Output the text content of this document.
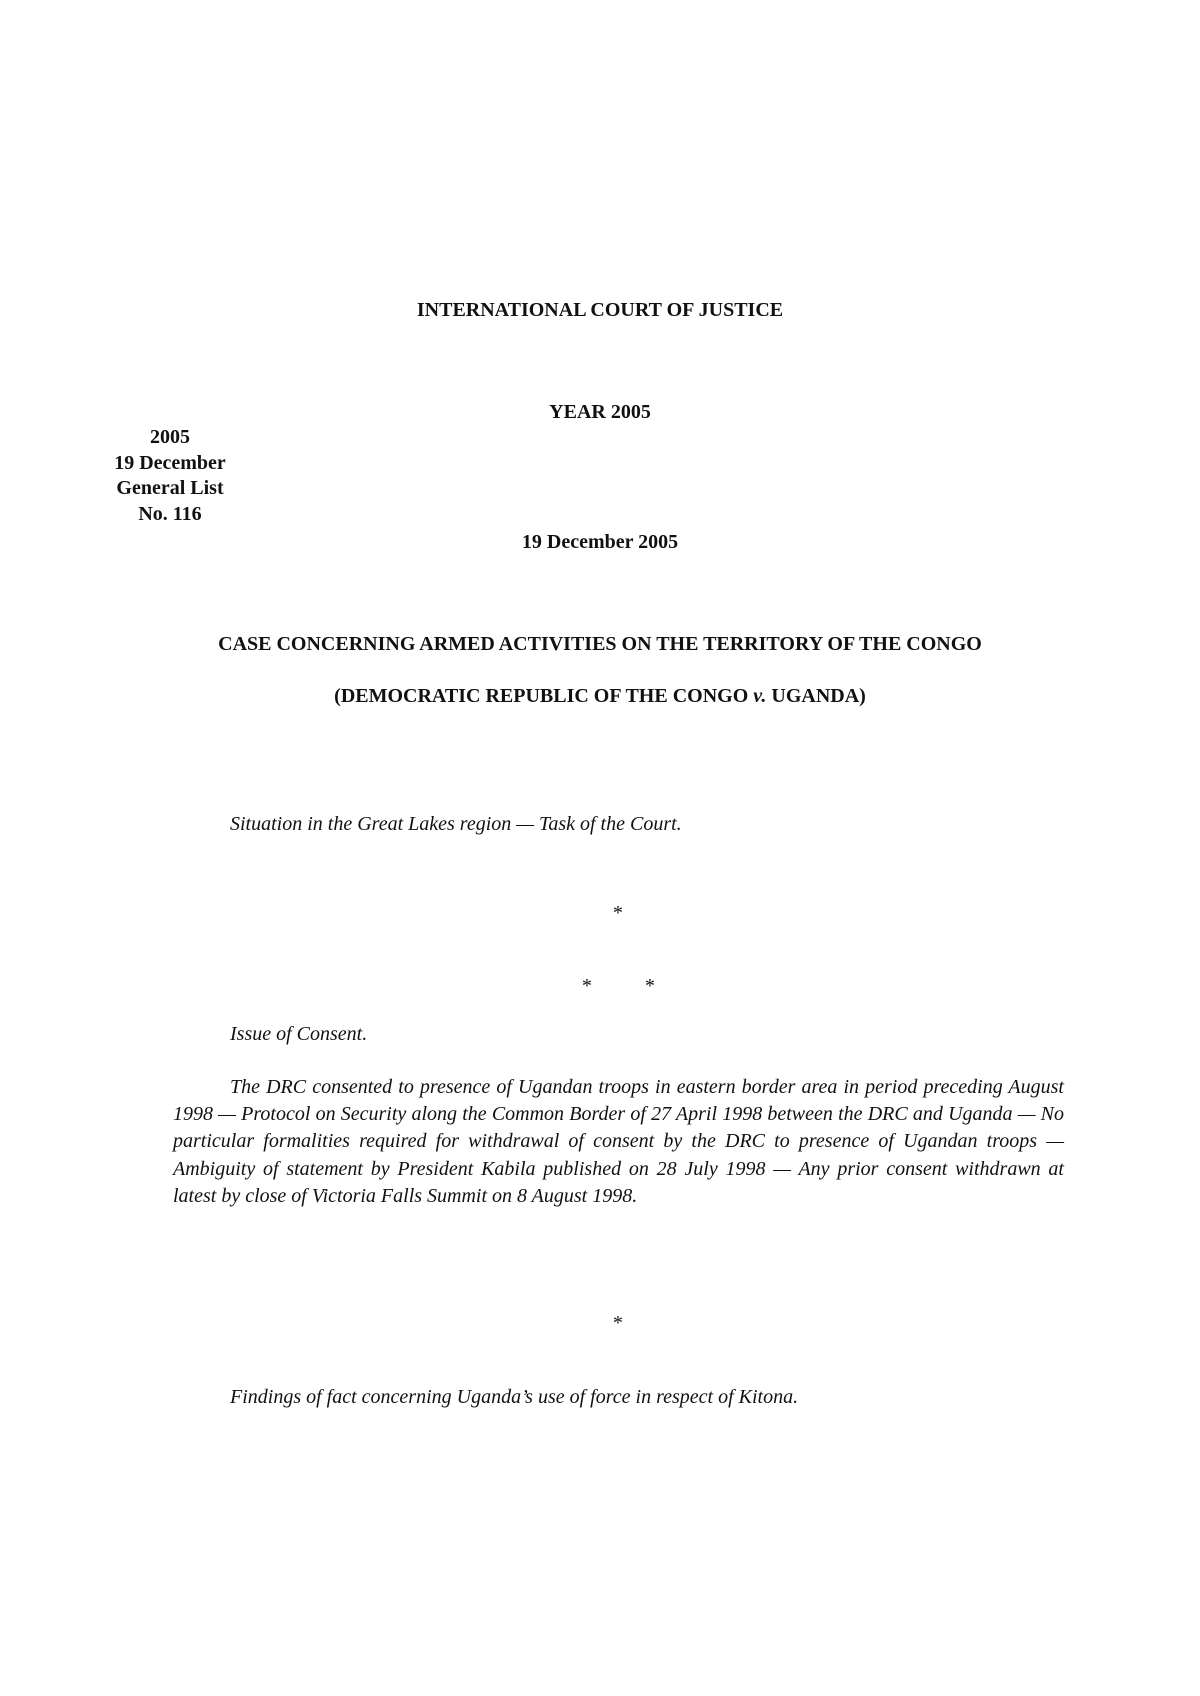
INTERNATIONAL COURT OF JUSTICE
YEAR 2005
2005
19 December
General List
No. 116
19 December 2005
CASE CONCERNING ARMED ACTIVITIES ON THE TERRITORY OF THE CONGO
(DEMOCRATIC REPUBLIC OF THE CONGO v. UGANDA)
Situation in the Great Lakes region — Task of the Court.
*
*	*
Issue of Consent.

The DRC consented to presence of Ugandan troops in eastern border area in period preceding August 1998 — Protocol on Security along the Common Border of 27 April 1998 between the DRC and Uganda — No particular formalities required for withdrawal of consent by the DRC to presence of Ugandan troops — Ambiguity of statement by President Kabila published on 28 July 1998 — Any prior consent withdrawn at latest by close of Victoria Falls Summit on 8 August 1998.

*
Findings of fact concerning Uganda’s use of force in respect of Kitona.
